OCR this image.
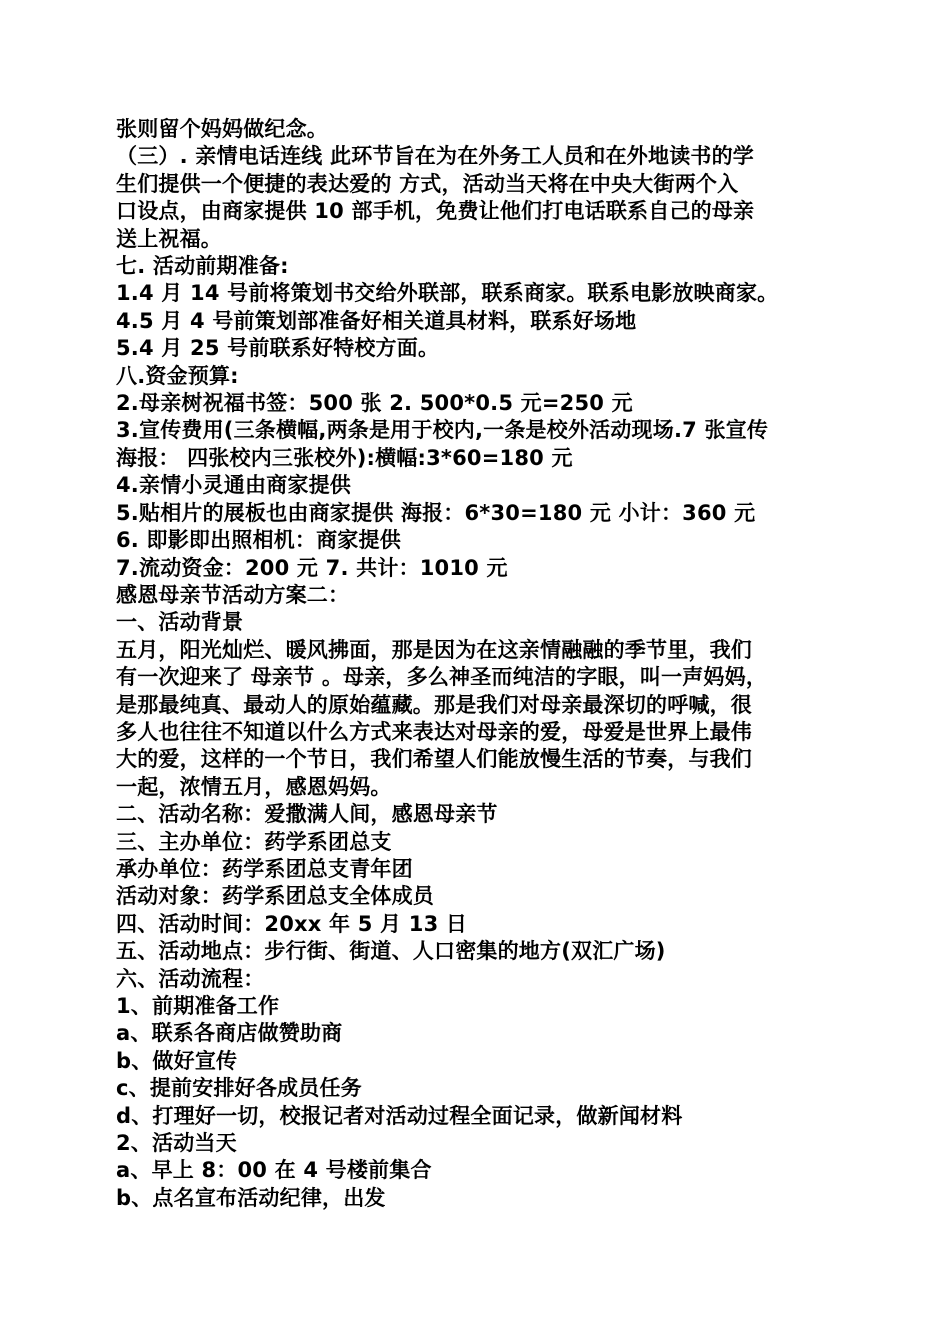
张则留个妈妈做纪念。
（三）. 亲情电话连线 此环节旨在为在外务工人员和在外地读书的学
生们提供一个便捷的表达爱的 方式，活动当天将在中央大街两个入
口设点，由商家提供 10 部手机，免费让他们打电话联系自己的母亲
送上祝福。
七. 活动前期准备:
1.4 月 14 号前将策划书交给外联部，联系商家。联系电影放映商家。
4.5 月 4 号前策划部准备好相关道具材料，联系好场地
5.4 月 25 号前联系好特校方面。
八.资金预算:
2.母亲树祝福书签：500 张 2. 500*0.5 元=250 元
3.宣传费用(三条横幅,两条是用于校内,一条是校外活动现场.7 张宣传
海报： 四张校内三张校外):横幅:3*60=180 元
4.亲情小灵通由商家提供
5.贴相片的展板也由商家提供 海报：6*30=180 元 小计：360 元
6. 即影即出照相机：商家提供
7.流动资金：200 元 7. 共计：1010 元
感恩母亲节活动方案二：
一、活动背景
五月，阳光灿烂、暖风拂面，那是因为在这亲情融融的季节里，我们
有一次迎来了 母亲节 。母亲，多么神圣而纯洁的字眼，叫一声妈妈，
是那最纯真、最动人的原始蕴藏。那是我们对母亲最深切的呼喊，很
多人也往往不知道以什么方式来表达对母亲的爱，母爱是世界上最伟
大的爱，这样的一个节日，我们希望人们能放慢生活的节奏，与我们
一起，浓情五月，感恩妈妈。
二、活动名称：爱撒满人间，感恩母亲节
三、主办单位：药学系团总支
承办单位：药学系团总支青年团
活动对象：药学系团总支全体成员
四、活动时间：20xx 年 5 月 13 日
五、活动地点：步行街、街道、人口密集的地方(双汇广场)
六、活动流程：
1、前期准备工作
a、联系各商店做赞助商
b、做好宣传
c、提前安排好各成员任务
d、打理好一切，校报记者对活动过程全面记录，做新闻材料
2、活动当天
a、早上 8：00 在 4 号楼前集合
b、点名宣布活动纪律，出发
